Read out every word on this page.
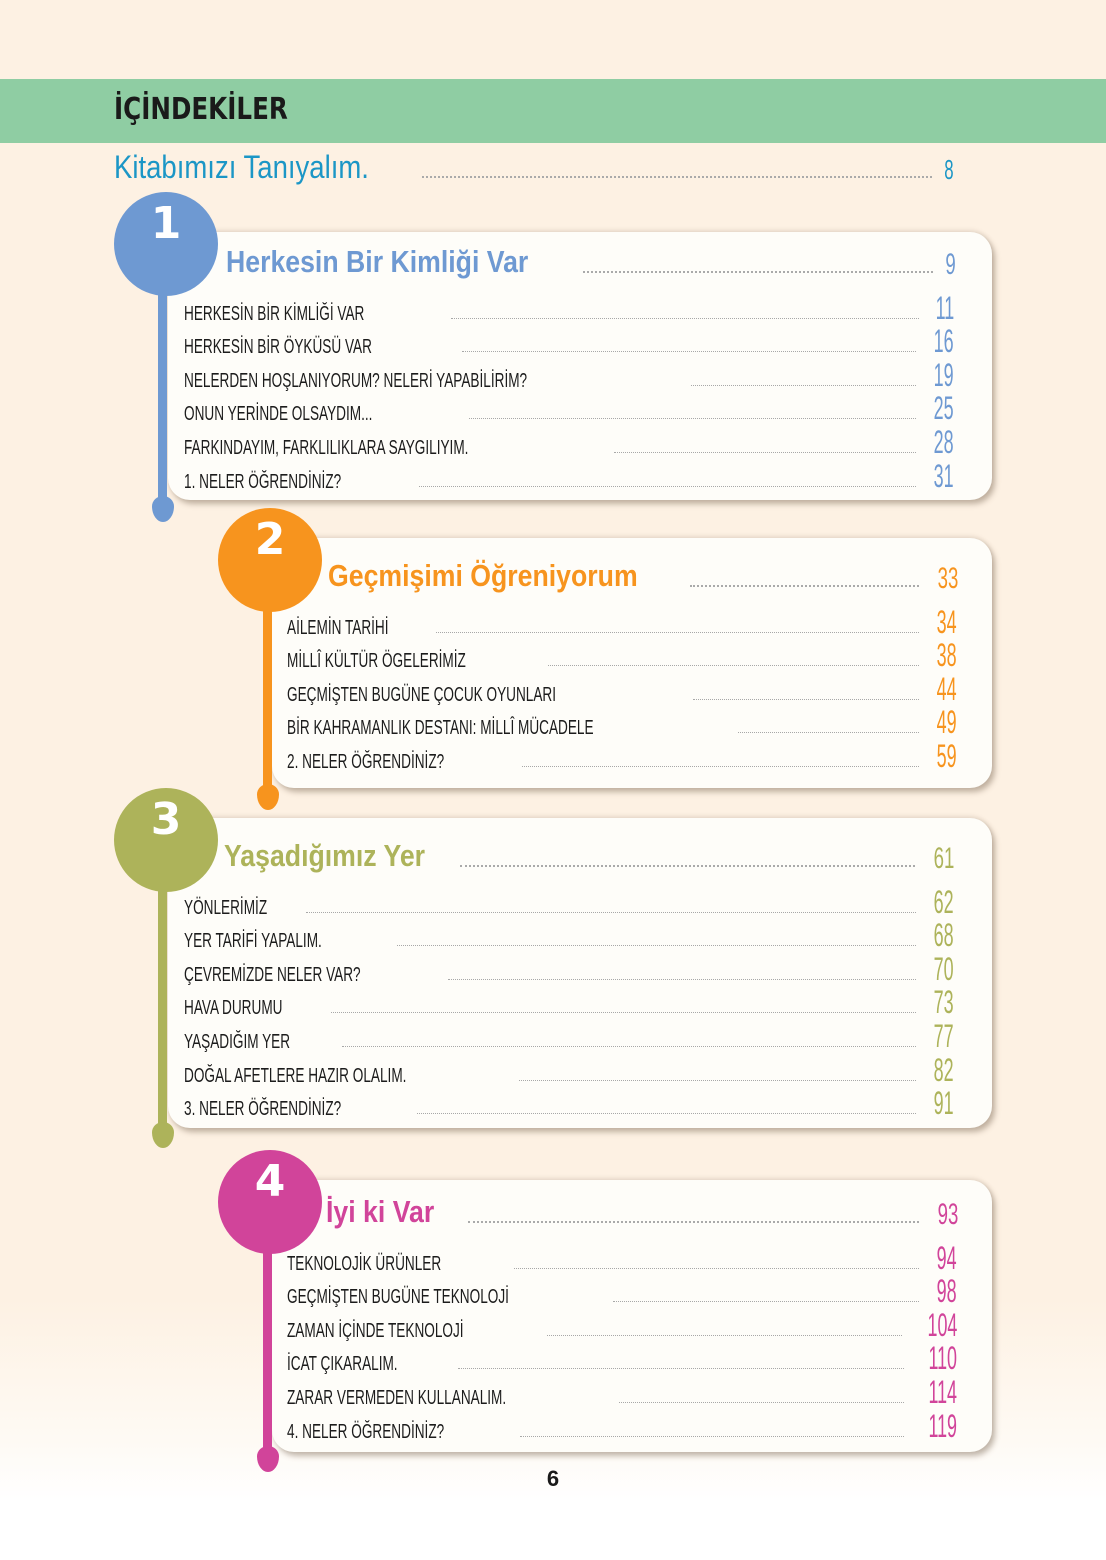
İÇİNDEKİLER
Kitabımızı Tanıyalım.	8
1
Herkesin Bir Kimliği Var	9
HERKESİN BİR KİMLİĞİ VAR	11
HERKESİN BİR ÖYKÜSÜ VAR	16
NELERDEN HOŞLANIYORUM? NELERİ YAPABİLİRİM?	19
ONUN YERİNDE OLSAYDIM...	25
FARKINDAYIM, FARKLILIKLARA SAYGILIYIM.	28
1. NELER ÖĞRENDİNİZ?	31
2
Geçmişimi Öğreniyorum	33
AİLEMİN TARİHİ	34
MİLLÎ KÜLTÜR ÖGELERİMİZ	38
GEÇMİŞTEN BUGÜNE ÇOCUK OYUNLARI	44
BİR KAHRAMANLIK DESTANI: MİLLÎ MÜCADELE	49
2. NELER ÖĞRENDİNİZ?	59
3
Yaşadığımız Yer	61
YÖNLERİMİZ	62
YER TARİFİ YAPALIM.	68
ÇEVREMİZDE NELER VAR?	70
HAVA DURUMU	73
YAŞADIĞIM YER	77
DOĞAL AFETLERE HAZIR OLALIM.	82
3. NELER ÖĞRENDİNİZ?	91
4
İyi ki Var	93
TEKNOLOJİK ÜRÜNLER	94
GEÇMİŞTEN BUGÜNE TEKNOLOJİ	98
ZAMAN İÇİNDE TEKNOLOJİ	104
İCAT ÇIKARALIM.	110
ZARAR VERMEDEN KULLANALIM.	114
4. NELER ÖĞRENDİNİZ?	119
6
